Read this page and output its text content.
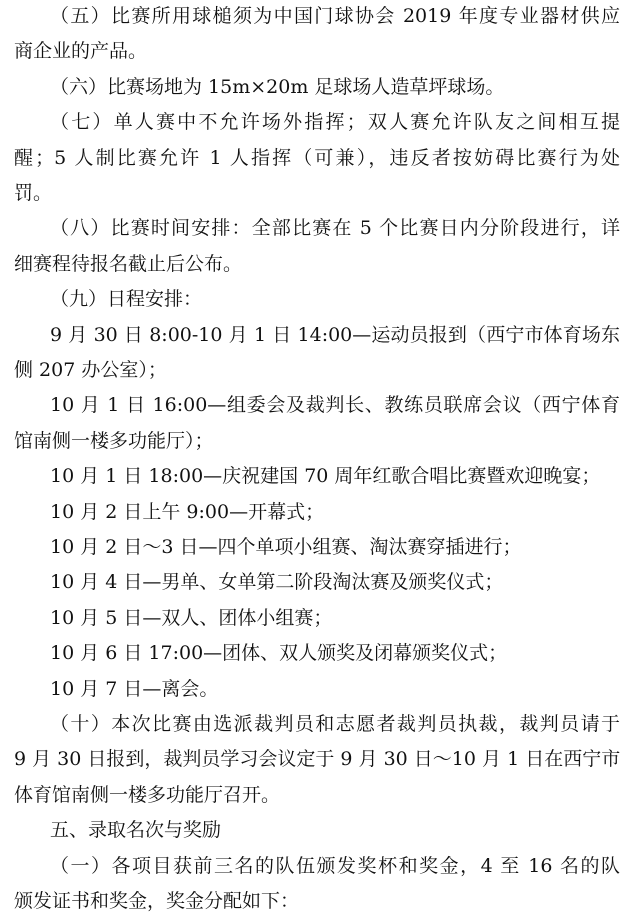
（五）比赛所用球槌须为中国门球协会 2019 年度专业器材供应
商企业的产品。
（六）比赛场地为 15m×20m 足球场人造草坪球场。
（七）单人赛中不允许场外指挥；双人赛允许队友之间相互提
醒；5 人制比赛允许 1 人指挥（可兼），违反者按妨碍比赛行为处
罚。
（八）比赛时间安排：全部比赛在 5 个比赛日内分阶段进行，详
细赛程待报名截止后公布。
（九）日程安排：
9 月 30 日 8:00-10 月 1 日 14:00—运动员报到（西宁市体育场东
侧 207 办公室）；
10 月 1 日 16:00—组委会及裁判长、教练员联席会议（西宁体育
馆南侧一楼多功能厅）；
10 月 1 日 18:00—庆祝建国 70 周年红歌合唱比赛暨欢迎晚宴；
10 月 2 日上午 9:00—开幕式；
10 月 2 日～3 日—四个单项小组赛、淘汰赛穿插进行；
10 月 4 日—男单、女单第二阶段淘汰赛及颁奖仪式；
10 月 5 日—双人、团体小组赛；
10 月 6 日 17:00—团体、双人颁奖及闭幕颁奖仪式；
10 月 7 日—离会。
（十）本次比赛由选派裁判员和志愿者裁判员执裁，裁判员请于
9 月 30 日报到，裁判员学习会议定于 9 月 30 日～10 月 1 日在西宁市
体育馆南侧一楼多功能厅召开。
五、录取名次与奖励
（一）各项目获前三名的队伍颁发奖杯和奖金，4 至 16 名的队
颁发证书和奖金，奖金分配如下：
